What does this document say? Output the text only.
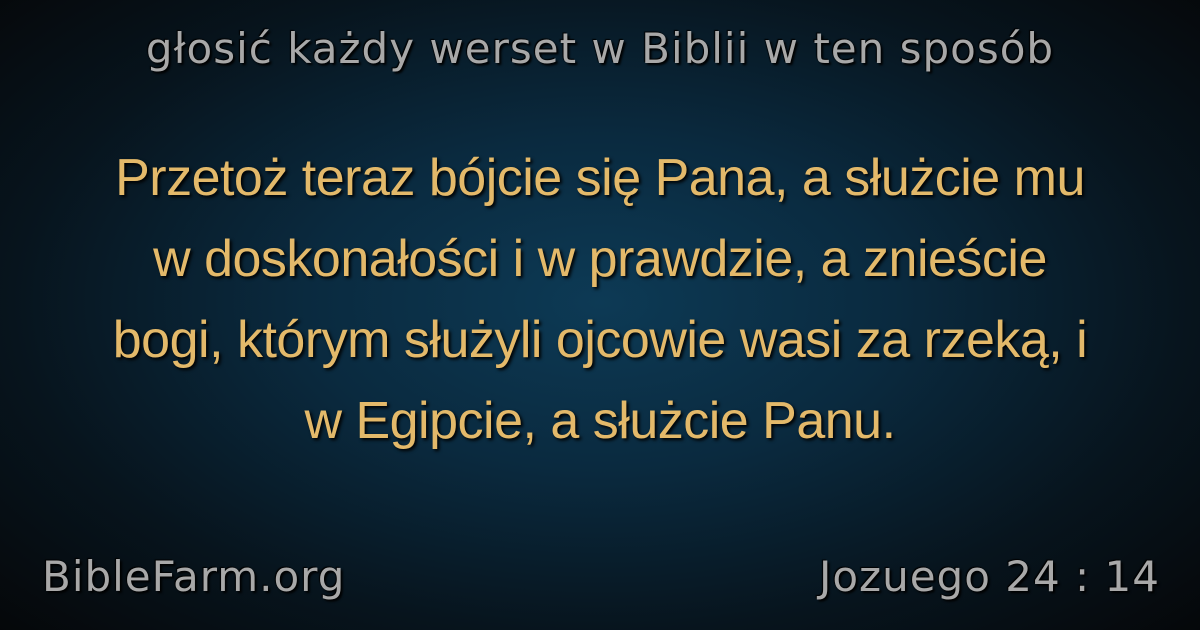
głosić każdy werset w Biblii w ten sposób
Przetoż teraz bójcie się Pana, a służcie mu
w doskonałości i w prawdzie, a znieście
bogi, którym służyli ojcowie wasi za rzeką, i
w Egipcie, a służcie Panu.
BibleFarm.org	Jozuego 24 : 14
